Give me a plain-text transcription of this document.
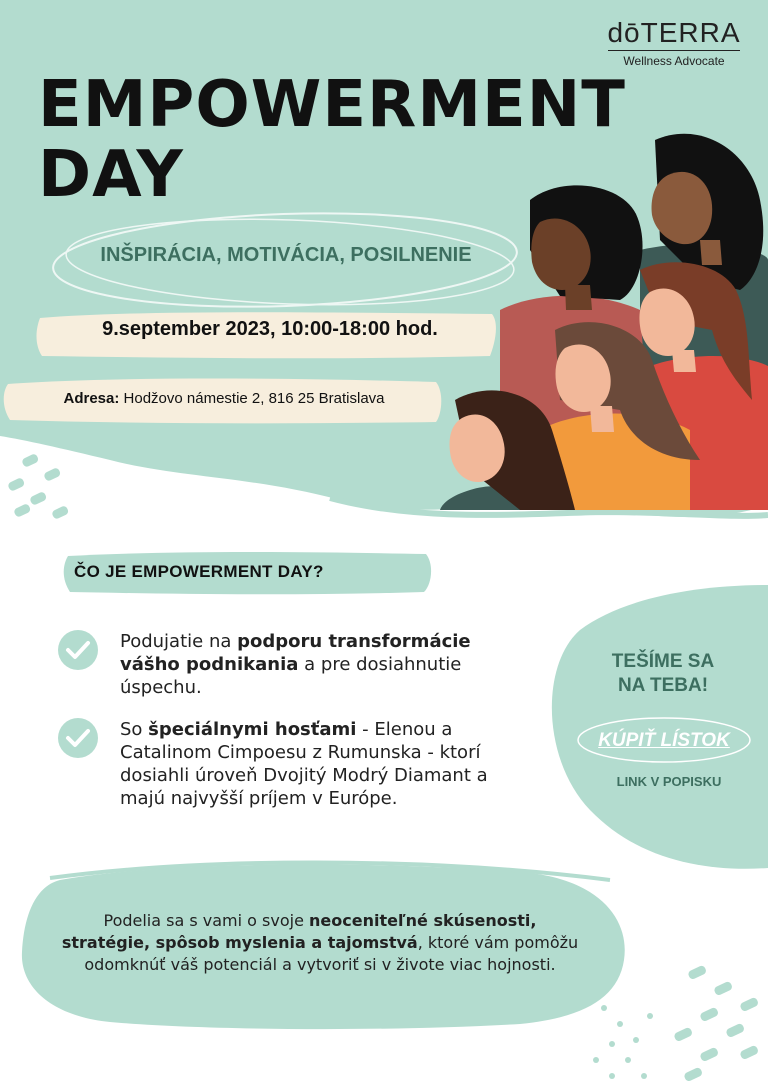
dōTERRA
Wellness Advocate
EMPOWERMENT
DAY
INŠPIRÁCIA, MOTIVÁCIA, POSILNENIE
9.september 2023, 10:00-18:00 hod.
Adresa: Hodžovo námestie 2, 816 25 Bratislava
ČO JE EMPOWERMENT DAY?
Podujatie na podporu transformácie vášho podnikania a pre dosiahnutie úspechu.
So špeciálnymi hosťami - Elenou a Catalinom Cimpoesu z Rumunska - ktorí dosiahli úroveň Dvojitý Modrý Diamant a majú najvyšší príjem v Európe.
TEŠÍME SA
NA TEBA!
KÚPIŤ LÍSTOK
LINK V POPISKU
Podelia sa s vami o svoje neoceniteľné skúsenosti, stratégie, spôsob myslenia a tajomstvá, ktoré vám pomôžu odomknúť váš potenciál a vytvoriť si v živote viac hojnosti.
